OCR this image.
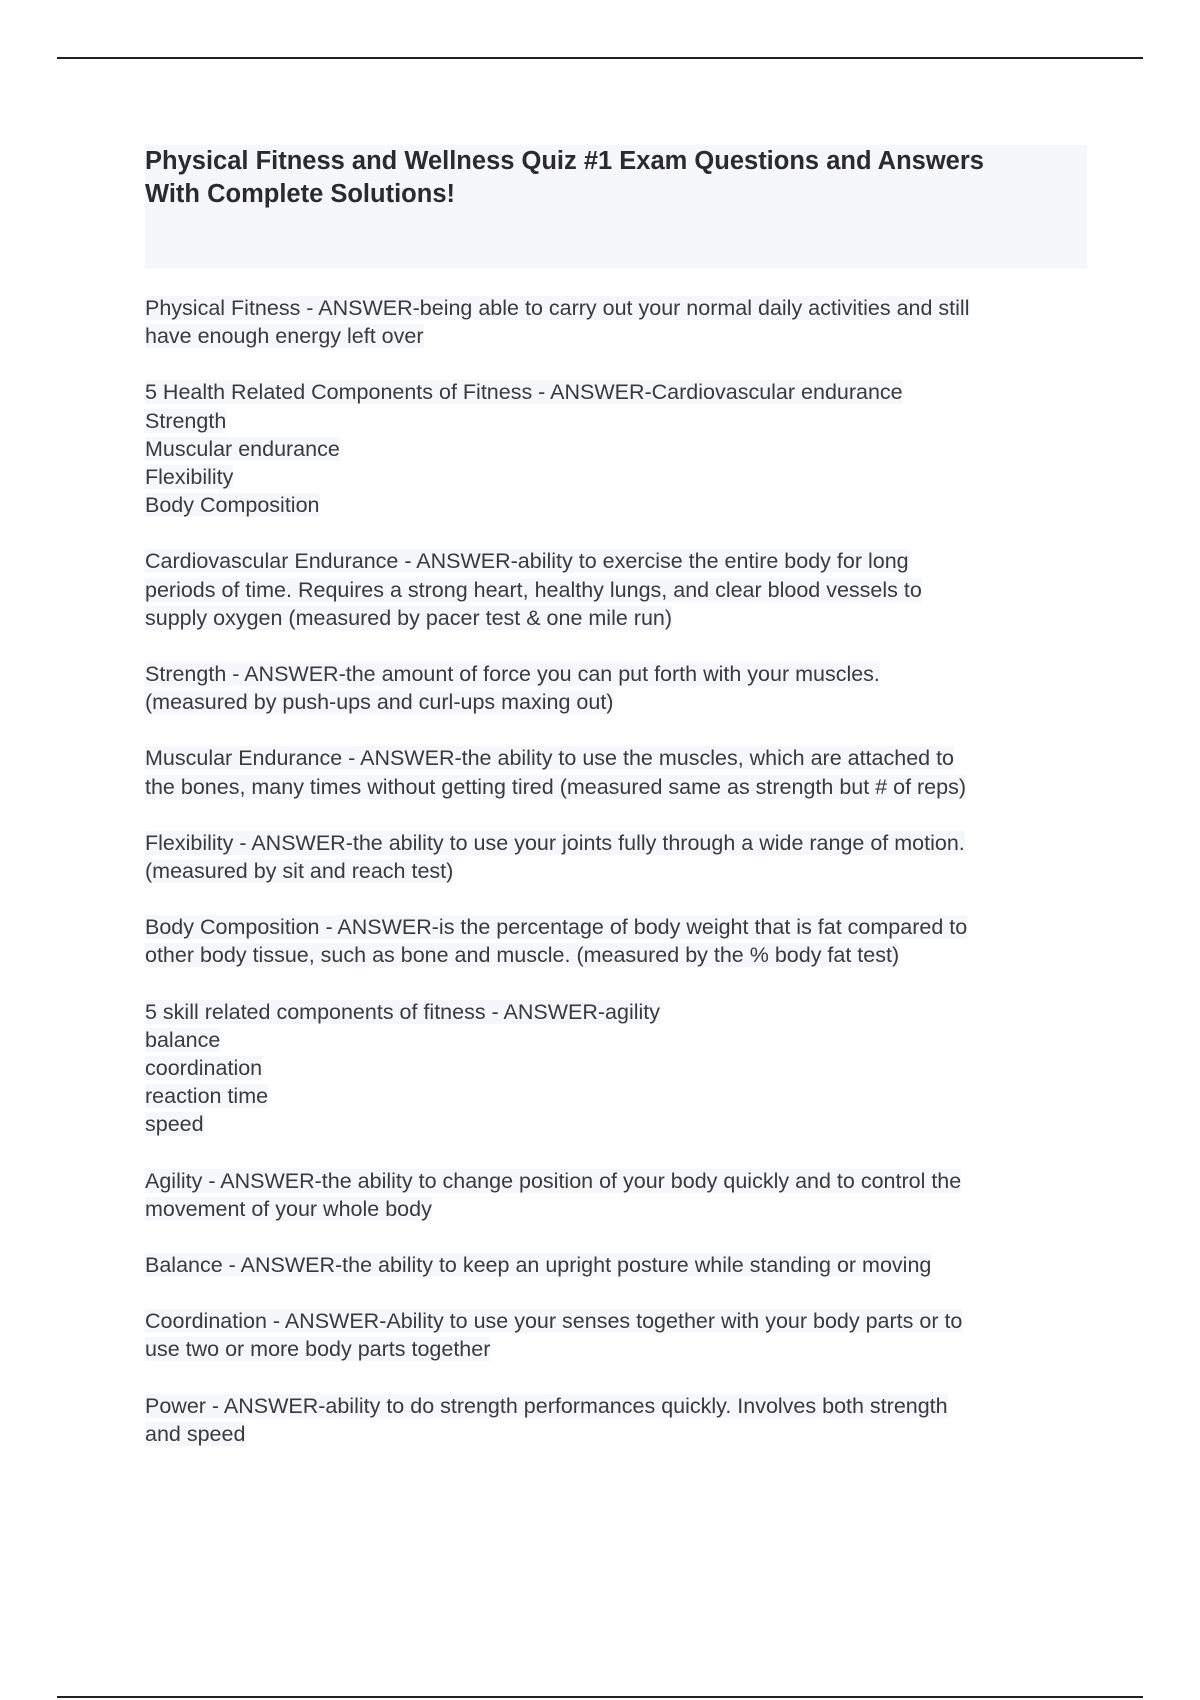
Physical Fitness and Wellness Quiz #1 Exam Questions and Answers
With Complete Solutions!

Physical Fitness - ANSWER-being able to carry out your normal daily activities and still
have enough energy left over

5 Health Related Components of Fitness - ANSWER-Cardiovascular endurance
Strength
Muscular endurance
Flexibility
Body Composition

Cardiovascular Endurance - ANSWER-ability to exercise the entire body for long
periods of time. Requires a strong heart, healthy lungs, and clear blood vessels to
supply oxygen (measured by pacer test & one mile run)

Strength - ANSWER-the amount of force you can put forth with your muscles.
(measured by push-ups and curl-ups maxing out)

Muscular Endurance - ANSWER-the ability to use the muscles, which are attached to
the bones, many times without getting tired (measured same as strength but # of reps)

Flexibility - ANSWER-the ability to use your joints fully through a wide range of motion.
(measured by sit and reach test)

Body Composition - ANSWER-is the percentage of body weight that is fat compared to
other body tissue, such as bone and muscle. (measured by the % body fat test)

5 skill related components of fitness - ANSWER-agility
balance
coordination
reaction time
speed

Agility - ANSWER-the ability to change position of your body quickly and to control the
movement of your whole body

Balance - ANSWER-the ability to keep an upright posture while standing or moving

Coordination - ANSWER-Ability to use your senses together with your body parts or to
use two or more body parts together

Power - ANSWER-ability to do strength performances quickly. Involves both strength
and speed
